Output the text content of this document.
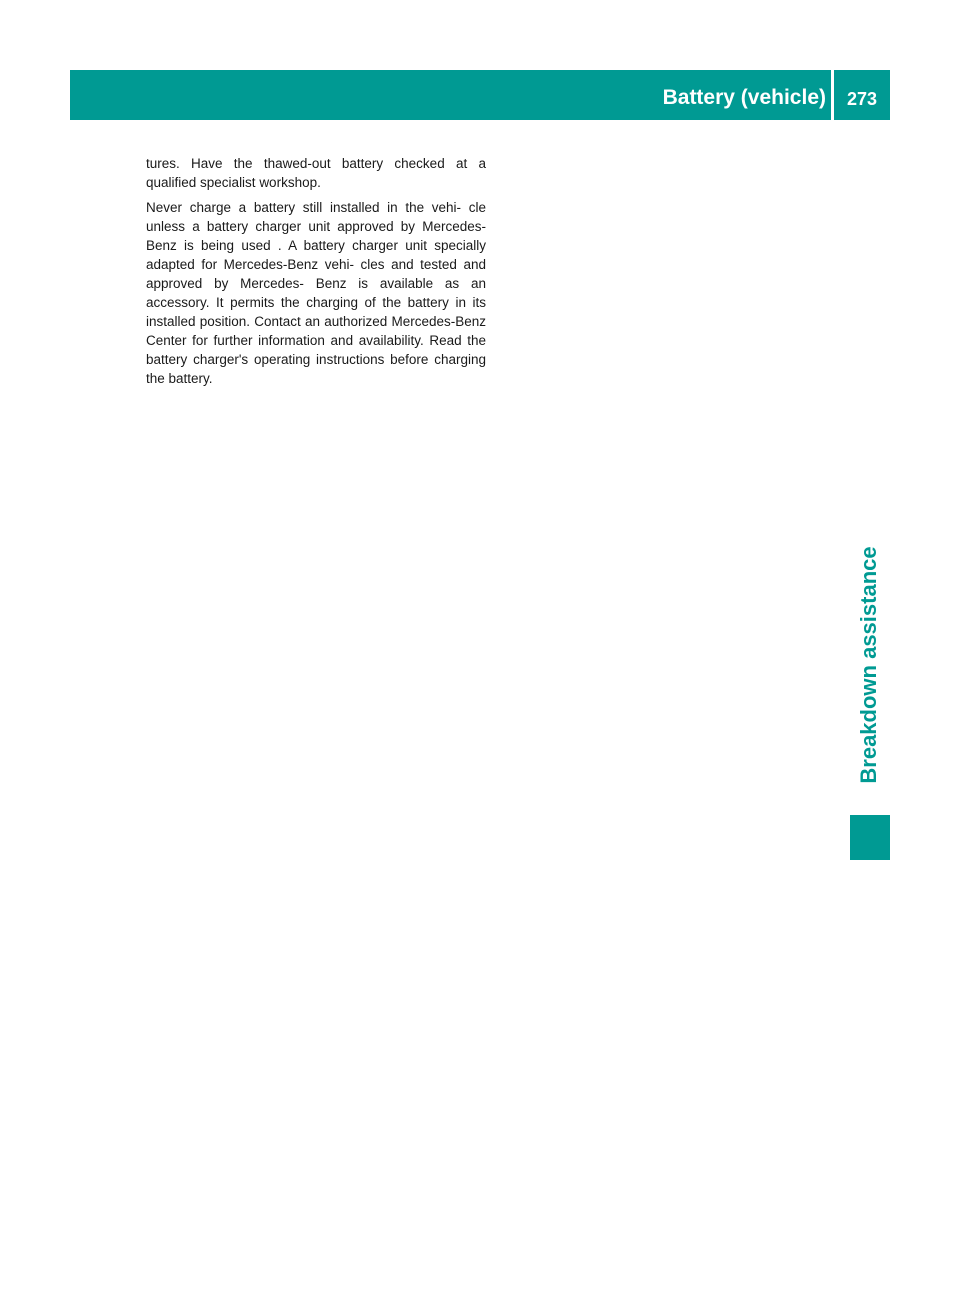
Battery (vehicle)	273

tures. Have the thawed-out battery checked at a qualified specialist workshop.

Never charge a battery still installed in the vehi- cle unless a battery charger unit approved by Mercedes-Benz is being used . A battery charger unit specially adapted for Mercedes-Benz vehi- cles and tested and approved by Mercedes- Benz is available as an accessory. It permits the charging of the battery in its installed position. Contact an authorized Mercedes-Benz Center for further information and availability. Read the battery charger's operating instructions before charging the battery.

Breakdown assistance
